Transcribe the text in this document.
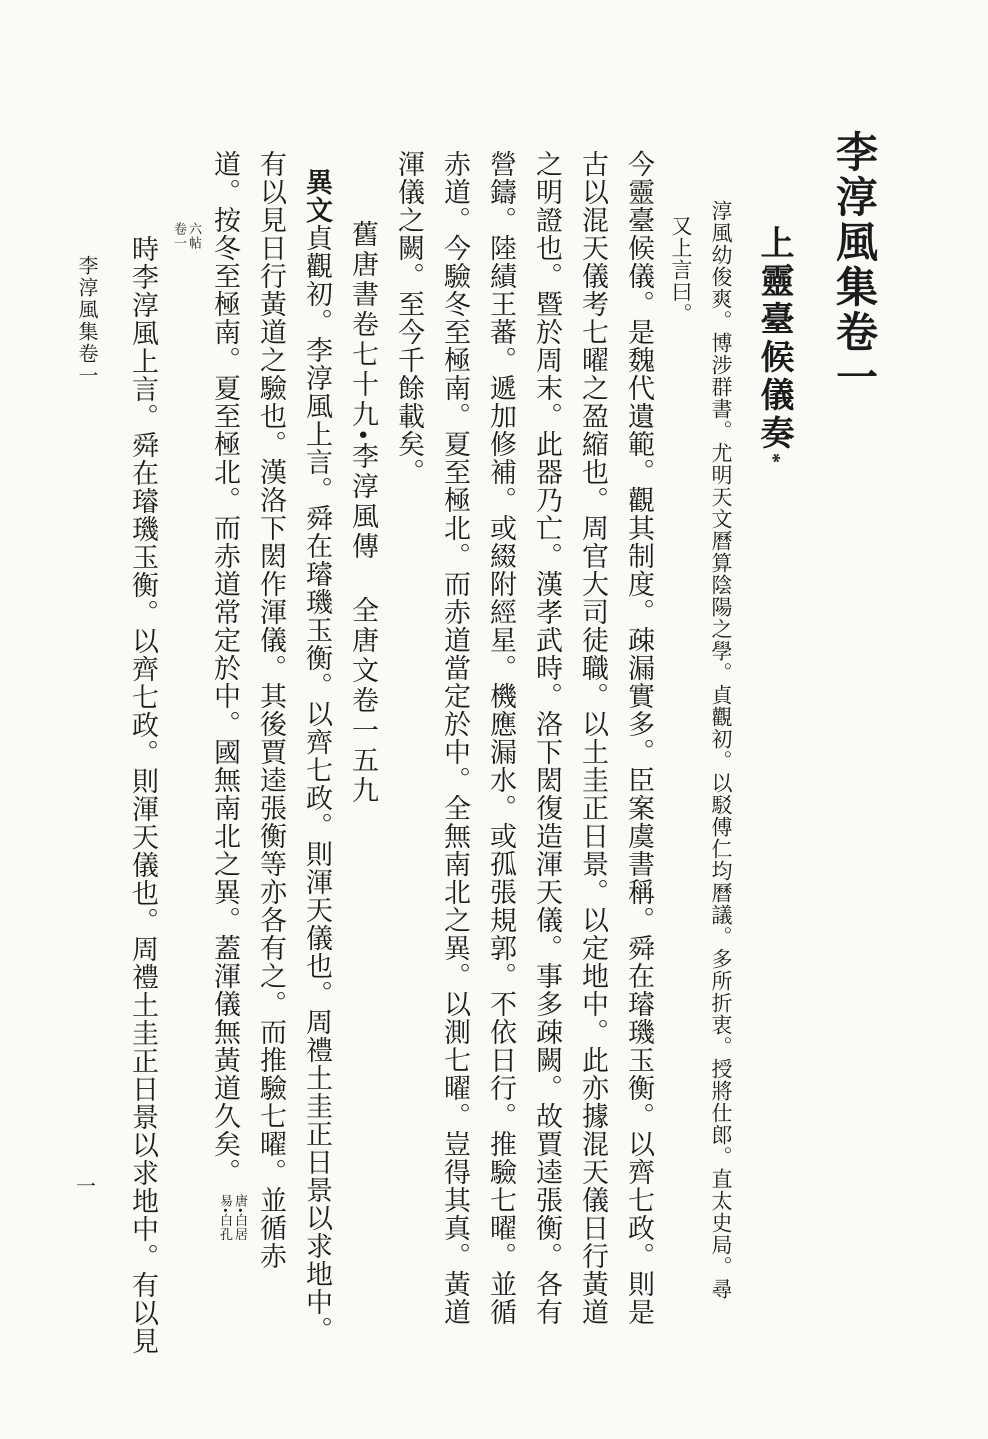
李淳風集卷一
上靈臺候儀奏*
淳風幼俊爽。博涉群書。尤明天文曆算陰陽之學。貞觀初。以駁傅仁均曆議。多所折衷。授將仕郎。直太史局。尋
又上言曰。
今靈臺候儀。是魏代遺範。觀其制度。疎漏實多。臣案虞書稱。舜在璿璣玉衡。以齊七政。則是
古以混天儀考七曜之盈縮也。周官大司徒職。以土圭正日景。以定地中。此亦據混天儀日行黃道
之明證也。暨於周末。此器乃亡。漢孝武時。洛下閎復造渾天儀。事多疎闕。故賈逵張衡。各有
營鑄。陸績王蕃。遞加修補。或綴附經星。機應漏水。或孤張規郭。不依日行。推驗七曜。並循
赤道。今驗冬至極南。夏至極北。而赤道當定於中。全無南北之異。以測七曜。豈得其真。黃道
渾儀之闕。至今千餘載矣。
舊唐書卷七十九•李淳風傳全唐文卷一五九
異文貞觀初。李淳風上言。舜在璿璣玉衡。以齊七政。則渾天儀也。周禮土圭正日景以求地中。
有以見日行黃道之驗也。漢洛下閎作渾儀。其後賈逵張衡等亦各有之。而推驗七曜。並循赤
道。按冬至極南。夏至極北。而赤道常定於中。國無南北之異。蓋渾儀無黃道久矣。
唐•白居
易•白孔
六帖
卷一
時李淳風上言。舜在璿璣玉衡。以齊七政。則渾天儀也。周禮土圭正日景以求地中。有以見
李淳風集卷一
一
